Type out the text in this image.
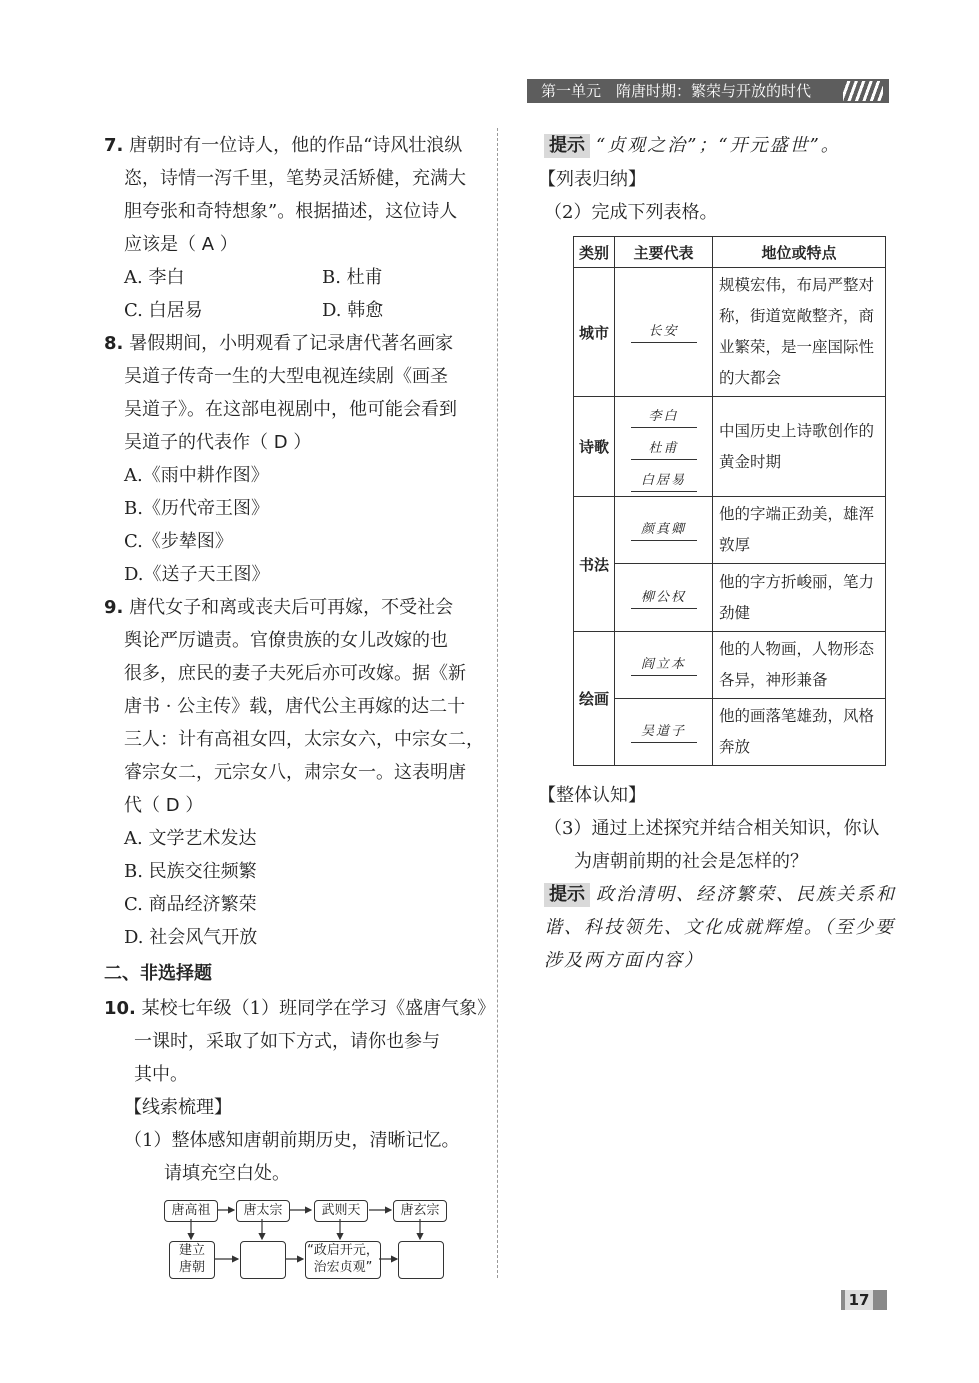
第一单元　隋唐时期：繁荣与开放的时代
7. 唐朝时有一位诗人，他的作品“诗风壮浪纵
恣，诗情一泻千里，笔势灵活矫健，充满大
胆夸张和奇特想象”。根据描述，这位诗人
应该是（ A ）
A. 李白	B. 杜甫
C. 白居易	D. 韩愈
8. 暑假期间，小明观看了记录唐代著名画家
吴道子传奇一生的大型电视连续剧《画圣
吴道子》。在这部电视剧中，他可能会看到
吴道子的代表作（ D ）
A.《雨中耕作图》
B.《历代帝王图》
C.《步辇图》
D.《送子天王图》
9. 唐代女子和离或丧夫后可再嫁，不受社会
舆论严厉谴责。官僚贵族的女儿改嫁的也
很多，庶民的妻子夫死后亦可改嫁。据《新
唐书 · 公主传》载，唐代公主再嫁的达二十
三人：计有高祖女四，太宗女六，中宗女二，
睿宗女二，元宗女八，肃宗女一。这表明唐
代（ D ）
A. 文学艺术发达
B. 民族交往频繁
C. 商品经济繁荣
D. 社会风气开放
二、非选择题
10. 某校七年级（1）班同学在学习《盛唐气象》
一课时，采取了如下方式，请你也参与
其中。
【线索梳理】
（1）整体感知唐朝前期历史，清晰记忆。
请填充空白处。
唐高祖	唐太宗	武则天	唐玄宗
建立
唐朝
“政启开元，
治宏贞观”
提示 “贞观之治”；“开元盛世”。
【列表归纳】
（2）完成下列表格。
类别	主要代表	地位或特点
城市	长安	规模宏伟，布局严整对称，街道宽敞整齐，商业繁荣，是一座国际性的大都会
诗歌	李白
杜甫
白居易	中国历史上诗歌创作的黄金时期
书法	颜真卿	他的字端正劲美，雄浑敦厚
	柳公权	他的字方折峻丽，笔力劲健
绘画	阎立本	他的人物画，人物形态各异，神形兼备
	吴道子	他的画落笔雄劲，风格奔放
【整体认知】
（3）通过上述探究并结合相关知识，你认
为唐朝前期的社会是怎样的？
提示 政治清明、经济繁荣、民族关系和
谐、科技领先、文化成就辉煌。（至少要
涉及两方面内容）
17
